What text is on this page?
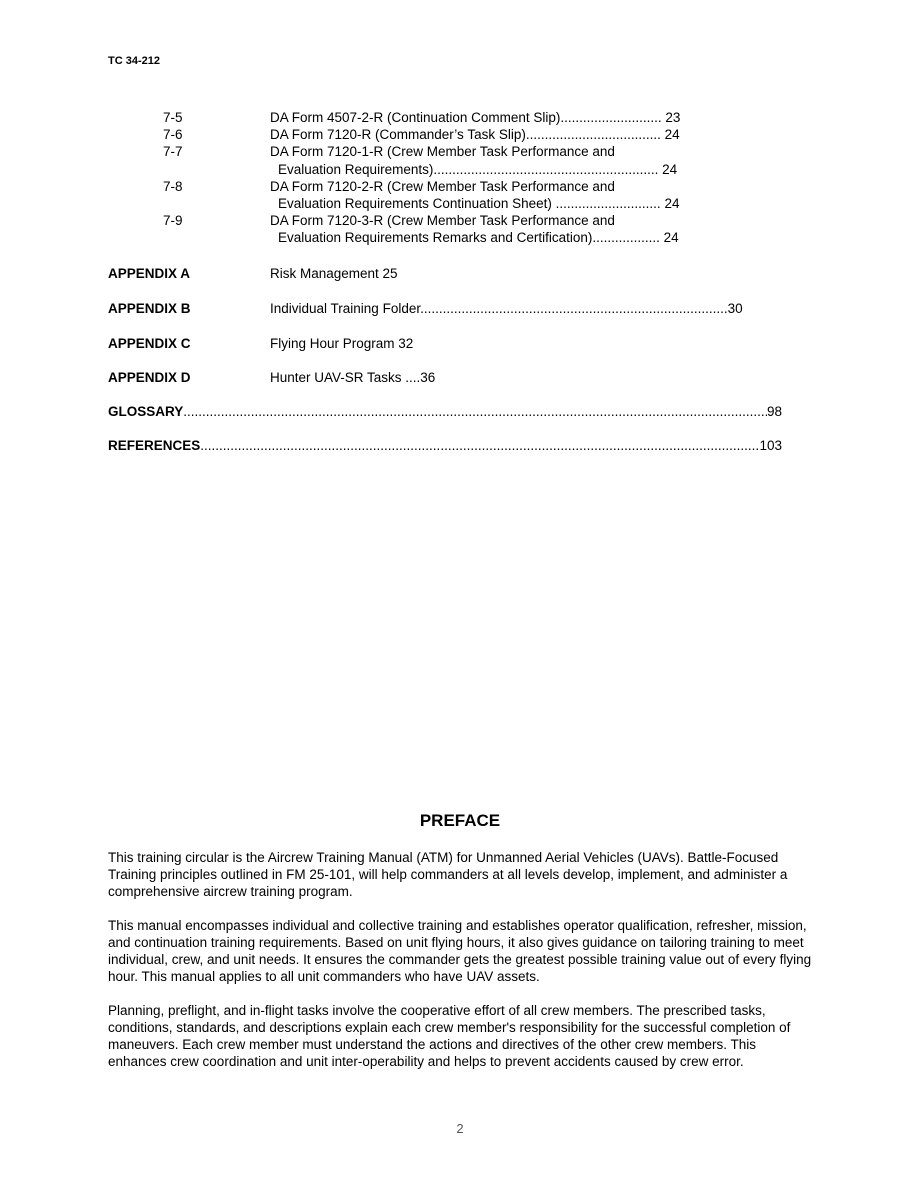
TC 34-212
7-5	DA Form 4507-2-R (Continuation Comment Slip)........................... 23
7-6	DA Form 7120-R (Commander’s Task Slip).................................... 24
7-7	DA Form 7120-1-R (Crew Member Task Performance and
Evaluation Requirements)............................................................ 24
7-8	DA Form 7120-2-R (Crew Member Task Performance and
Evaluation Requirements Continuation Sheet) ............................ 24
7-9	DA Form 7120-3-R (Crew Member Task Performance and
Evaluation Requirements Remarks and Certification).................. 24
APPENDIX A	Risk Management 25
APPENDIX B	Individual Training Folder..................................................................................30
APPENDIX C	Flying Hour Program 32
APPENDIX D	Hunter UAV-SR Tasks ....36
GLOSSARY .....	98
REFERENCES .....	103
PREFACE

This training circular is the Aircrew Training Manual (ATM) for Unmanned Aerial Vehicles (UAVs). Battle-Focused Training principles outlined in FM 25-101, will help commanders at all levels develop, implement, and administer a comprehensive aircrew training program.

This manual encompasses individual and collective training and establishes operator qualification, refresher, mission, and continuation training requirements. Based on unit flying hours, it also gives guidance on tailoring training to meet individual, crew, and unit needs. It ensures the commander gets the greatest possible training value out of every flying hour. This manual applies to all unit commanders who have UAV assets.

Planning, preflight, and in-flight tasks involve the cooperative effort of all crew members. The prescribed tasks, conditions, standards, and descriptions explain each crew member's responsibility for the successful completion of maneuvers. Each crew member must understand the actions and directives of the other crew members. This enhances crew coordination and unit inter-operability and helps to prevent accidents caused by crew error.

2
